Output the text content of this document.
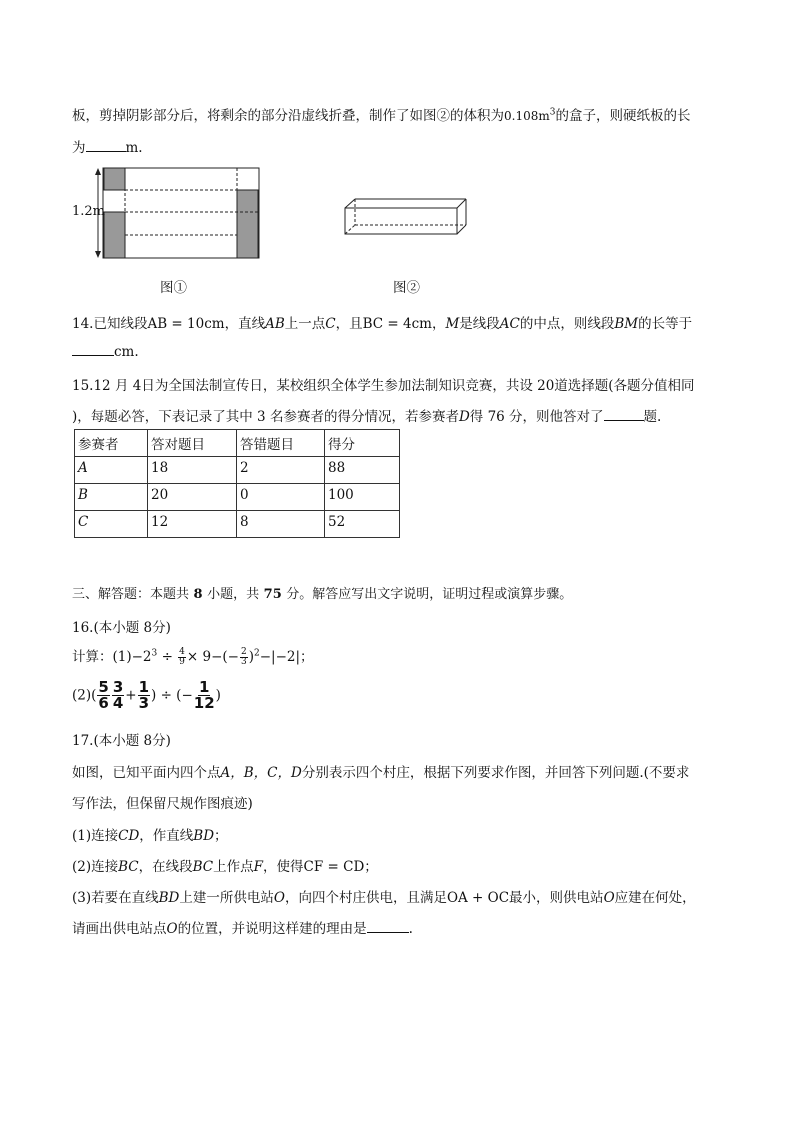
板，剪掉阴影部分后，将剩余的部分沿虚线折叠，制作了如图②的体积为$0.108m^3$的盒子，则硬纸板的长
为	m.
1.2m
图①	图②
14.已知线段AB = 10cm，直线AB上一点C，且BC = 4cm，M是线段AC的中点，则线段BM的长等于
cm.
15.12 月 4日为全国法制宣传日，某校组织全体学生参加法制知识竞赛，共设 20道选择题(各题分值相同
)，每题必答，下表记录了其中 3 名参赛者的得分情况，若参赛者D得 76 分，则他答对了	题.
参赛者	答对题目	答错题目	得分
A	18	2	88
B	20	0	100
C	12	8	52
三、解答题：本题共 8 小题，共 75 分。解答应写出文字说明，证明过程或演算步骤。
16.(本小题 8分)
计算：$(1)-2^3 \div \frac{4}{9} \times 9-(- \frac{2}{3} )^2-|-2|$；
$(2)( \frac{5}{6} \frac{3}{4} + \frac{1}{3}$ ) ÷ (− $\frac{1}{12}$ )
17.(本小题 8分)
如图，已知平面内四个点A，B，C，D分别表示四个村庄，根据下列要求作图，并回答下列问题.(不要求
写作法，但保留尺规作图痕迹)
(1)连接CD，作直线BD；
(2)连接BC，在线段BC上作点F，使得CF = CD；
(3)若要在直线BD上建一所供电站O，向四个村庄供电，且满足OA + OC最小，则供电站O应建在何处，
请画出供电站点O的位置，并说明这样建的理由是	.
